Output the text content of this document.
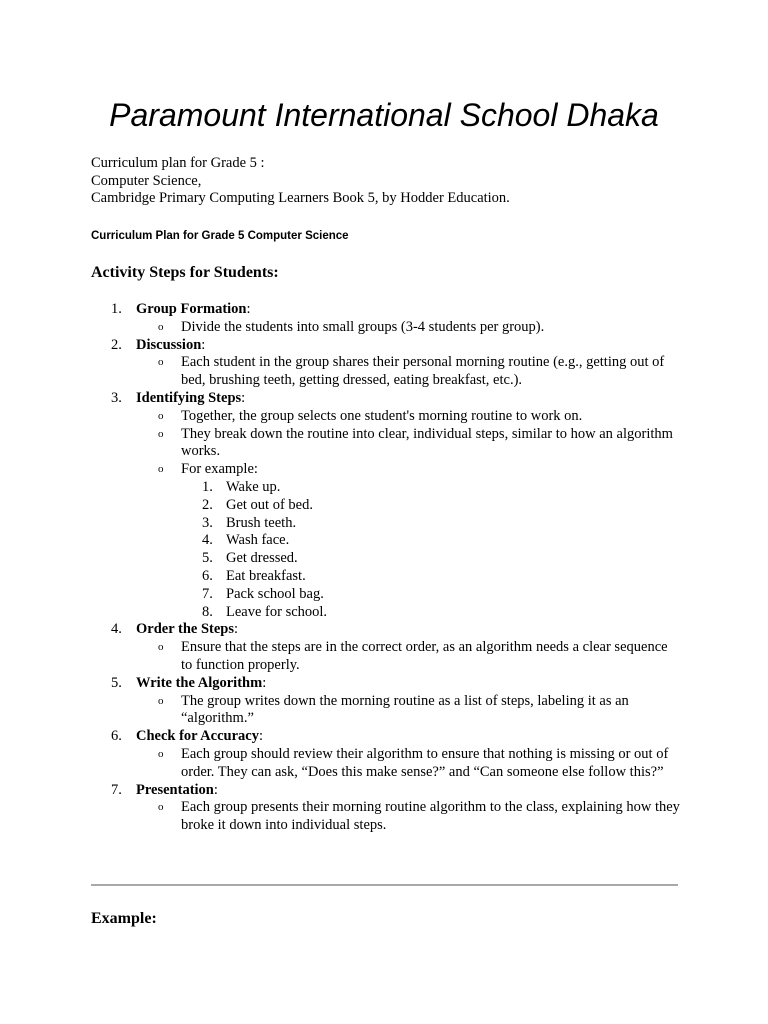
Paramount International School Dhaka
Curriculum plan for Grade 5 :
Computer Science,
Cambridge Primary Computing Learners Book 5, by Hodder Education.
Curriculum Plan for Grade 5 Computer Science
Activity Steps for Students:
1. Group Formation:
o Divide the students into small groups (3-4 students per group).
2. Discussion:
o Each student in the group shares their personal morning routine (e.g., getting out of bed, brushing teeth, getting dressed, eating breakfast, etc.).
3. Identifying Steps:
o Together, the group selects one student's morning routine to work on.
o They break down the routine into clear, individual steps, similar to how an algorithm works.
o For example:
1. Wake up.
2. Get out of bed.
3. Brush teeth.
4. Wash face.
5. Get dressed.
6. Eat breakfast.
7. Pack school bag.
8. Leave for school.
4. Order the Steps:
o Ensure that the steps are in the correct order, as an algorithm needs a clear sequence to function properly.
5. Write the Algorithm:
o The group writes down the morning routine as a list of steps, labeling it as an “algorithm.”
6. Check for Accuracy:
o Each group should review their algorithm to ensure that nothing is missing or out of order. They can ask, “Does this make sense?” and “Can someone else follow this?”
7. Presentation:
o Each group presents their morning routine algorithm to the class, explaining how they broke it down into individual steps.
Example:
